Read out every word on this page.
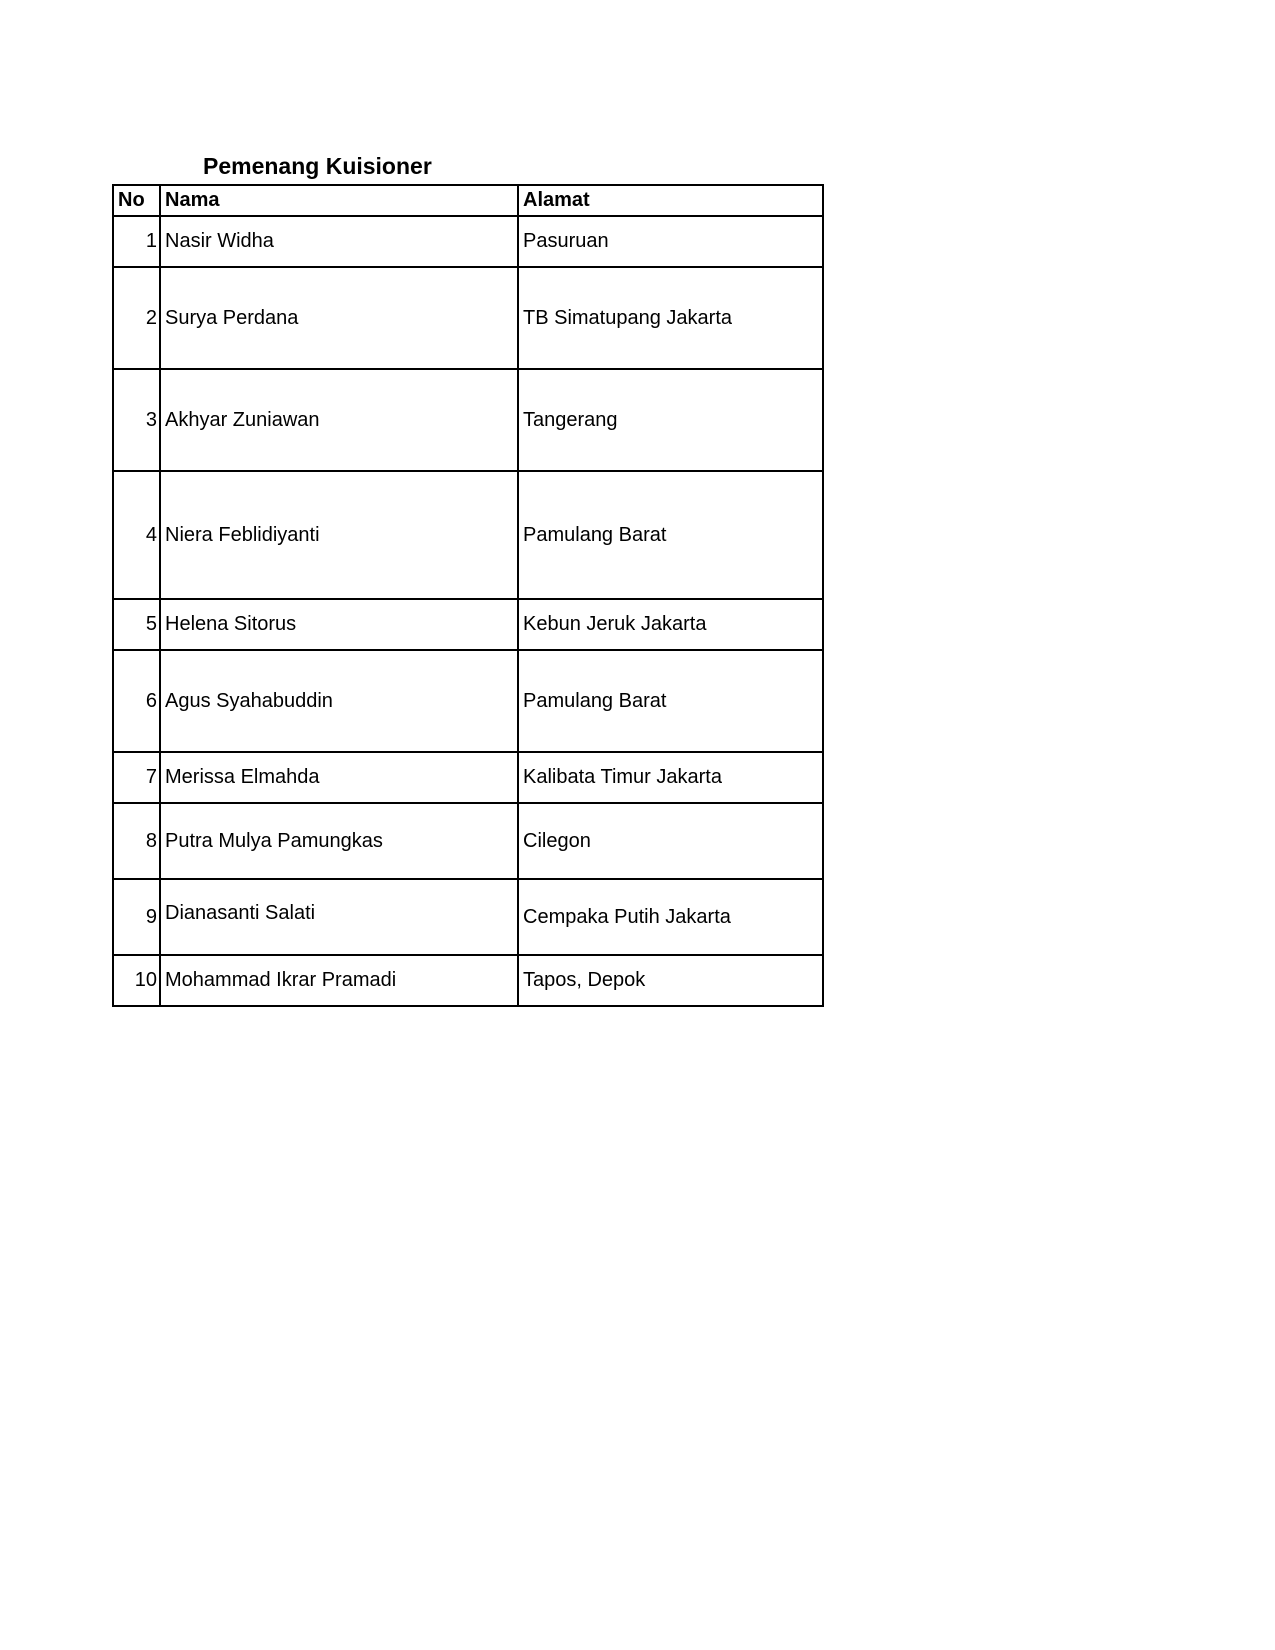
Pemenang Kuisioner
No	Nama	Alamat
1	Nasir Widha	Pasuruan
2	Surya Perdana	TB Simatupang Jakarta
3	Akhyar Zuniawan	Tangerang
4	Niera Feblidiyanti	Pamulang Barat
5	Helena Sitorus	Kebun Jeruk Jakarta
6	Agus Syahabuddin	Pamulang Barat
7	Merissa Elmahda	Kalibata Timur Jakarta
8	Putra Mulya Pamungkas	Cilegon
9	Dianasanti Salati	Cempaka Putih Jakarta
10	Mohammad Ikrar Pramadi	Tapos, Depok
